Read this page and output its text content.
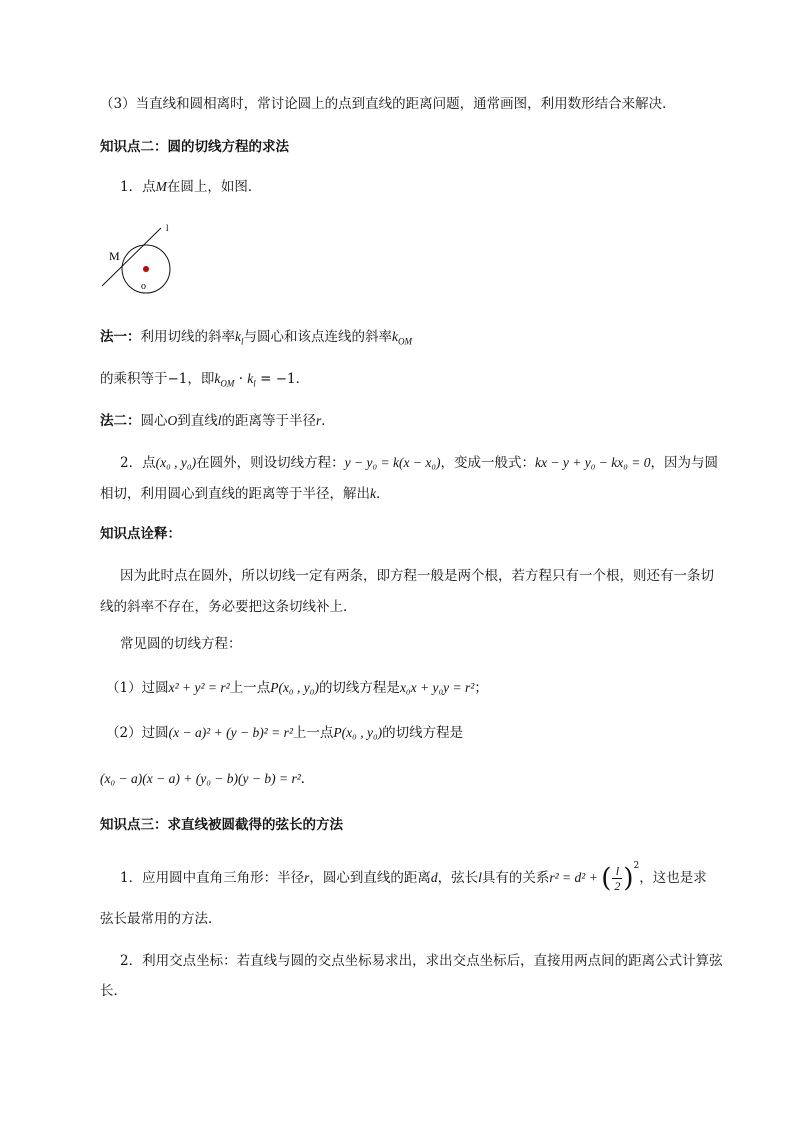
（3）当直线和圆相离时，常讨论圆上的点到直线的距离问题，通常画图，利用数形结合来解决．
知识点二：圆的切线方程的求法
1．点M在圆上，如图．
l
M
o
法一：利用切线的斜率$k_l$与圆心和该点连线的斜率$k_{OM}$
的乘积等于−1，即$k_{OM} \cdot k_l = -1$．
法二：圆心O到直线l的距离等于半径r．
2．点(x₀ , y₀)在圆外，则设切线方程：y − y₀ = k(x − x₀)，变成一般式：kx − y + y₀ − kx₀ = 0，因为与圆
相切，利用圆心到直线的距离等于半径，解出k．
知识点诠释：
因为此时点在圆外，所以切线一定有两条，即方程一般是两个根，若方程只有一个根，则还有一条切
线的斜率不存在，务必要把这条切线补上．
常见圆的切线方程：
（1）过圆x² + y² = r²上一点P(x₀ , y₀)的切线方程是x₀x + y₀y = r²；
（2）过圆(x − a)² + (y − b)² = r²上一点P(x₀ , y₀)的切线方程是
(x₀ − a)(x − a) + (y₀ − b)(y − b) = r²．
知识点三：求直线被圆截得的弦长的方法
1．应用圆中直角三角形：半径r，圆心到直线的距离d，弦长l具有的关系r² = d² + ( $\frac{l}{2} )^2$，这也是求
弦长最常用的方法．
2．利用交点坐标：若直线与圆的交点坐标易求出，求出交点坐标后，直接用两点间的距离公式计算弦
长．
